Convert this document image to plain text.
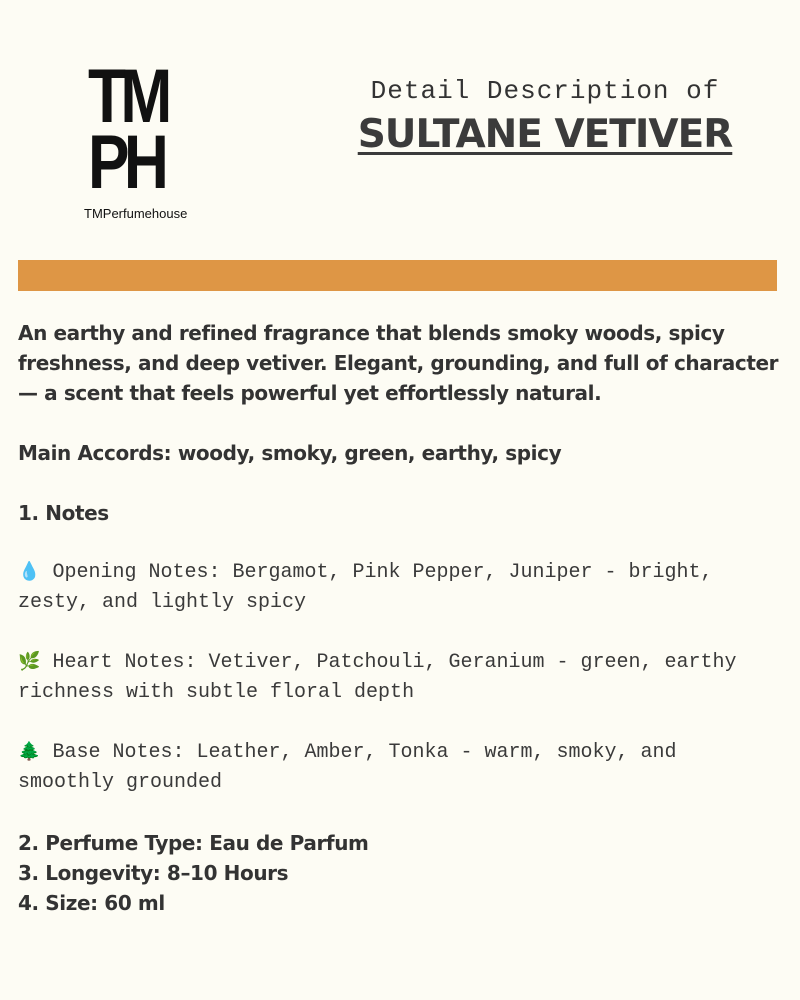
TM
PH
TMPerfumehouse
Detail Description of
SULTANE VETIVER
An earthy and refined fragrance that blends smoky woods, spicy freshness, and deep vetiver. Elegant, grounding, and full of character — a scent that feels powerful yet effortlessly natural.
Main Accords: woody, smoky, green, earthy, spicy
1. Notes
💧 Opening Notes: Bergamot, Pink Pepper, Juniper - bright, zesty, and lightly spicy
🌿 Heart Notes: Vetiver, Patchouli, Geranium - green, earthy richness with subtle floral depth
🌲 Base Notes: Leather, Amber, Tonka - warm, smoky, and smoothly grounded
2. Perfume Type: Eau de Parfum
3. Longevity: 8–10 Hours
4. Size: 60 ml
